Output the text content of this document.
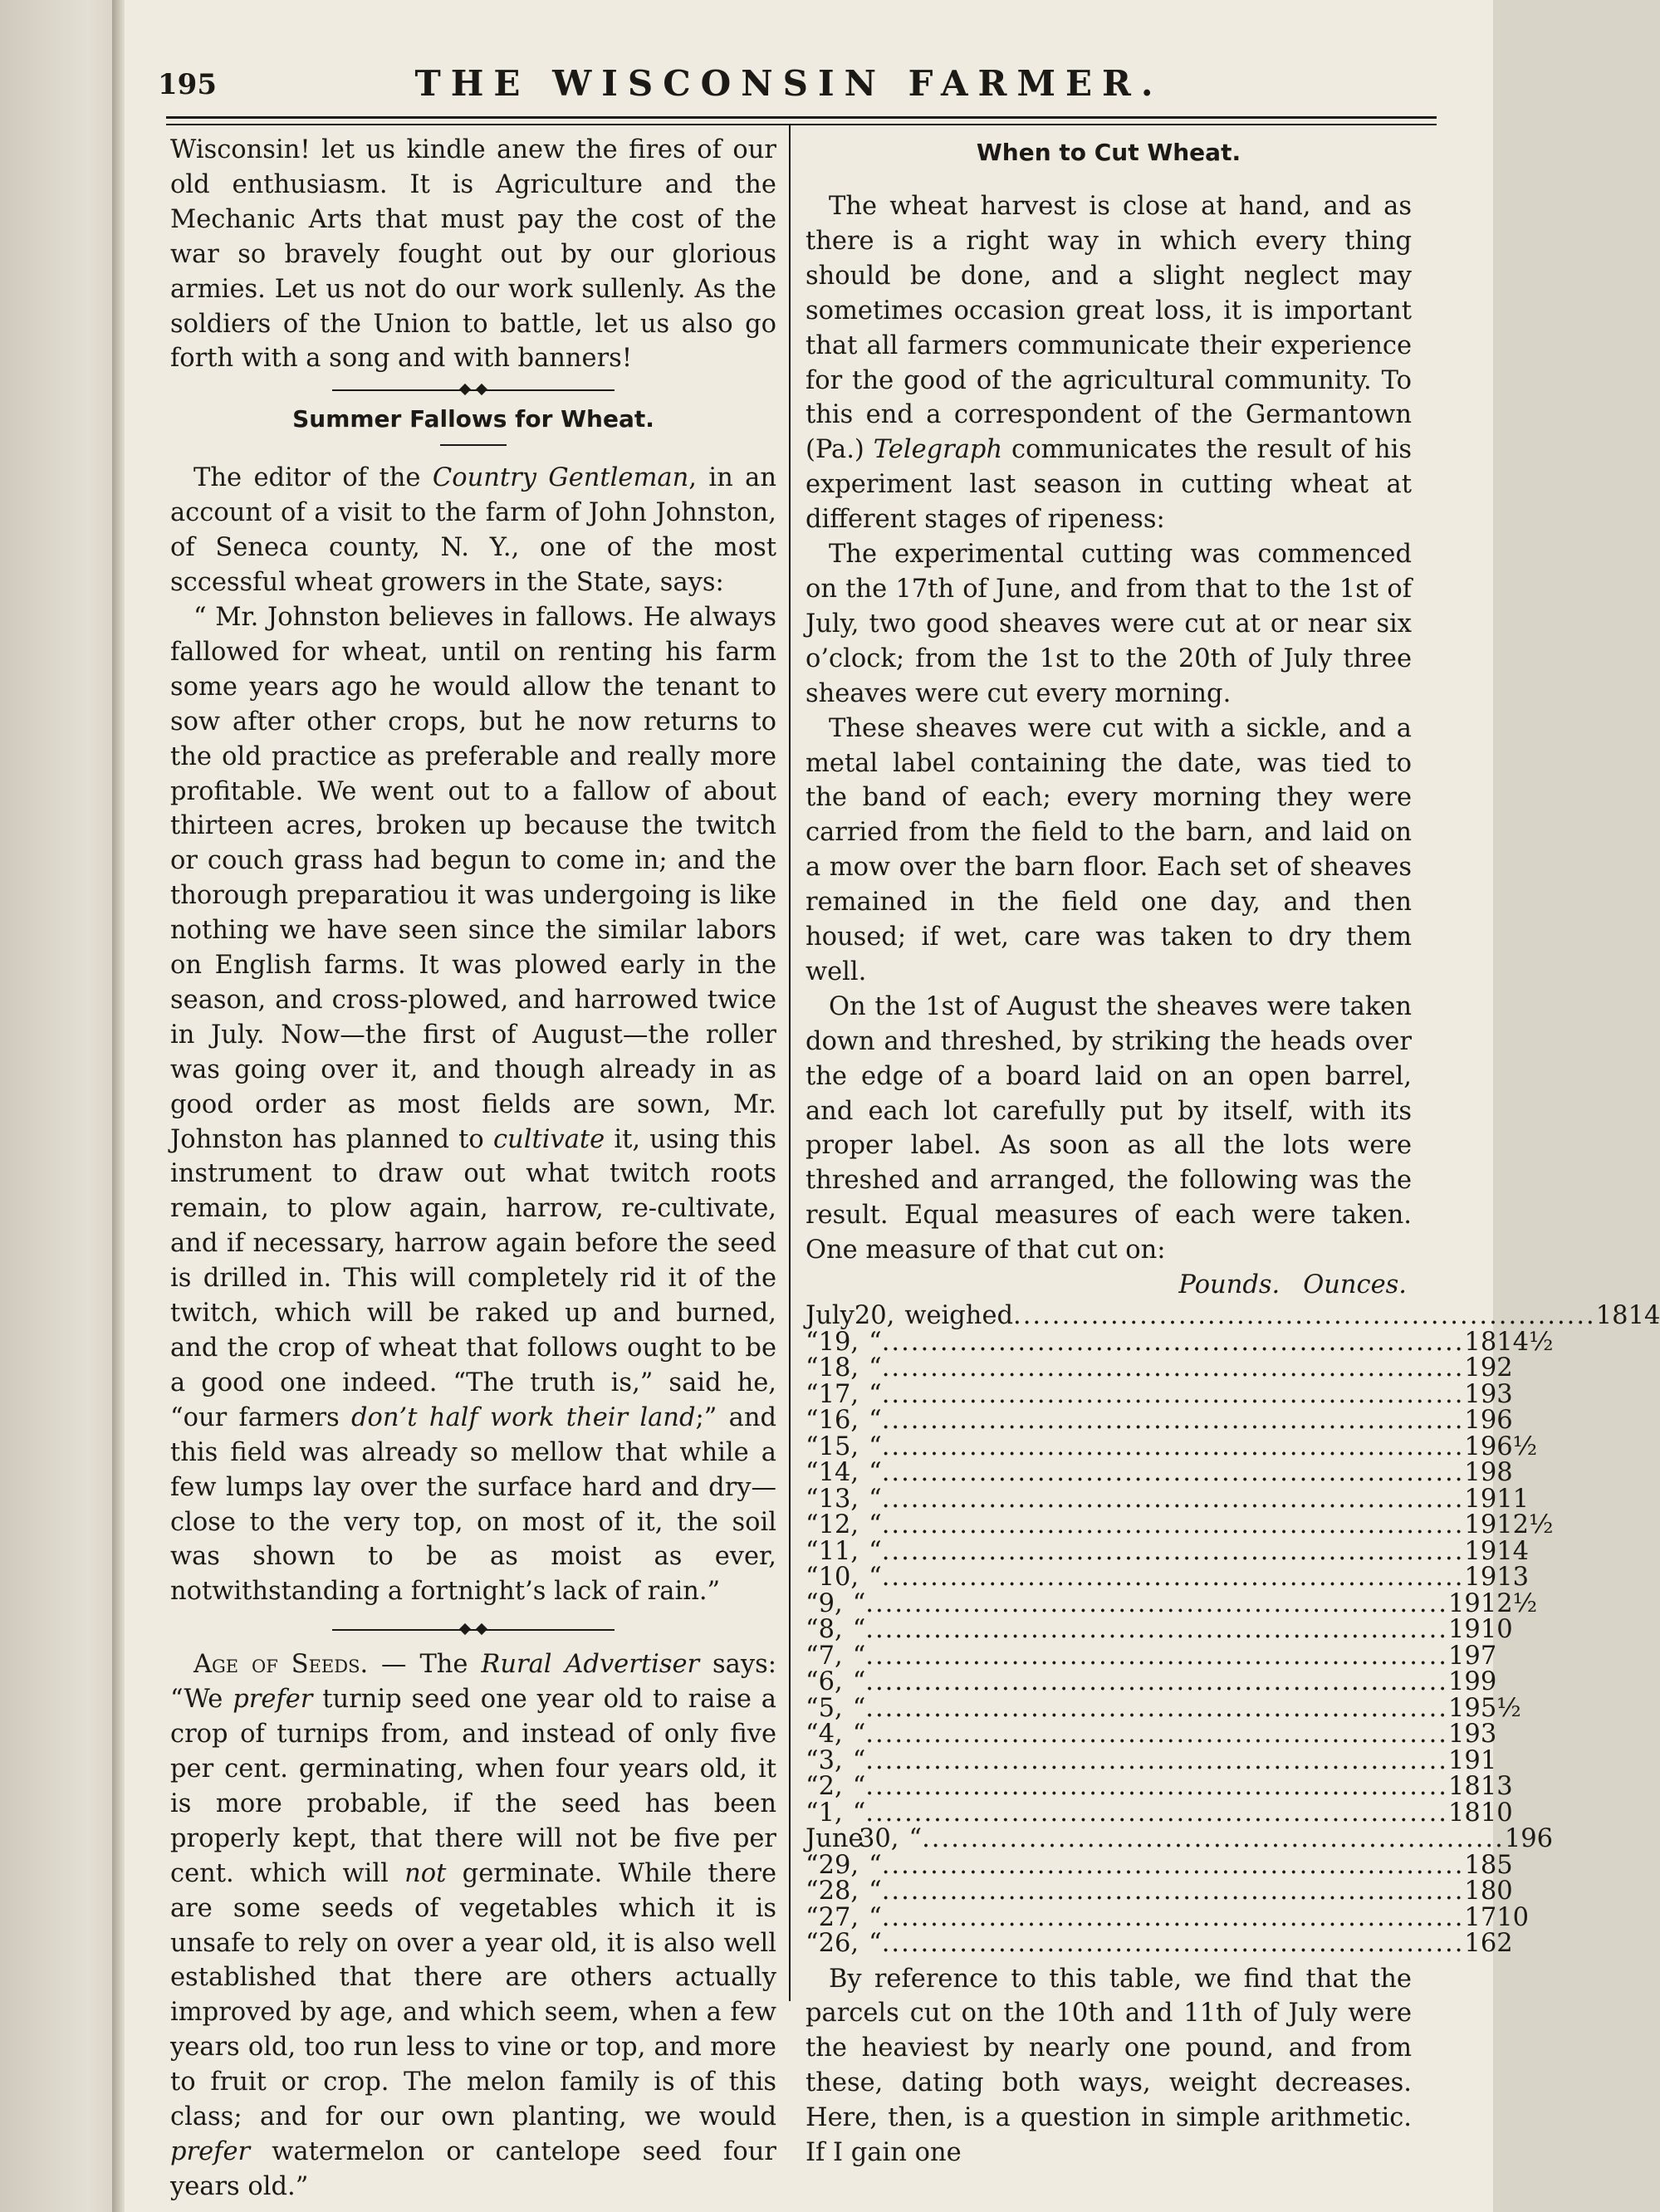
195	THE WISCONSIN FARMER.

Wisconsin! let us kindle anew the fires of our old enthusiasm. It is Agriculture and the Mechanic Arts that must pay the cost of the war so bravely fought out by our glorious armies. Let us not do our work sullenly. As the soldiers of the Union to battle, let us also go forth with a song and with banners!

Summer Fallows for Wheat.

The editor of the Country Gentleman, in an account of a visit to the farm of John Johnston, of Seneca county, N. Y., one of the most sccessful wheat growers in the State, says:

“ Mr. Johnston believes in fallows. He always fallowed for wheat, until on renting his farm some years ago he would allow the tenant to sow after other crops, but he now returns to the old practice as preferable and really more profitable. We went out to a fallow of about thirteen acres, broken up because the twitch or couch grass had begun to come in; and the thorough preparatiou it was undergoing is like nothing we have seen since the similar labors on English farms. It was plowed early in the season, and cross-plowed, and harrowed twice in July. Now—the first of August—the roller was going over it, and though already in as good order as most fields are sown, Mr. Johnston has planned to cultivate it, using this instrument to draw out what twitch roots remain, to plow again, harrow, re-cultivate, and if necessary, harrow again before the seed is drilled in. This will completely rid it of the twitch, which will be raked up and burned, and the crop of wheat that follows ought to be a good one indeed. “The truth is,” said he, “our farmers don’t half work their land;” and this field was already so mellow that while a few lumps lay over the surface hard and dry—close to the very top, on most of it, the soil was shown to be as moist as ever, notwithstanding a fortnight’s lack of rain.”

Age of Seeds. — The Rural Advertiser says: “We prefer turnip seed one year old to raise a crop of turnips from, and instead of only five per cent. germinating, when four years old, it is more probable, if the seed has been properly kept, that there will not be five per cent. which will not germinate. While there are some seeds of vegetables which it is unsafe to rely on over a year old, it is also well established that there are others actually improved by age, and which seem, when a few years old, too run less to vine or top, and more to fruit or crop. The melon family is of this class; and for our own planting, we would prefer watermelon or cantelope seed four years old.”

When to Cut Wheat.

The wheat harvest is close at hand, and as there is a right way in which every thing should be done, and a slight neglect may sometimes occasion great loss, it is important that all farmers communicate their experience for the good of the agricultural community. To this end a correspondent of the Germantown (Pa.) Telegraph communicates the result of his experiment last season in cutting wheat at different stages of ripeness:

The experimental cutting was commenced on the 17th of June, and from that to the 1st of July, two good sheaves were cut at or near six o’clock; from the 1st to the 20th of July three sheaves were cut every morning.

These sheaves were cut with a sickle, and a metal label containing the date, was tied to the band of each; every morning they were carried from the field to the barn, and laid on a mow over the barn floor. Each set of sheaves remained in the field one day, and then housed; if wet, care was taken to dry them well.

On the 1st of August the sheaves were taken down and threshed, by striking the heads over the edge of a board laid on an open barrel, and each lot carefully put by itself, with its proper label. As soon as all the lots were threshed and arranged, the following was the result. Equal measures of each were taken. One measure of that cut on:

Pounds. Ounces.
July 20, weighed ............................................................ 18 14
“ 19, “ ............................................................ 18 14½
“ 18, “ ............................................................ 19 2
“ 17, “ ............................................................ 19 3
“ 16, “ ............................................................ 19 6
“ 15, “ ............................................................ 19 6½
“ 14, “ ............................................................ 19 8
“ 13, “ ............................................................ 19 11
“ 12, “ ............................................................ 19 12½
“ 11, “ ............................................................ 19 14
“ 10, “ ............................................................ 19 13
“ 9, “ ............................................................ 19 12½
“ 8, “ ............................................................ 19 10
“ 7, “ ............................................................ 19 7
“ 6, “ ............................................................ 19 9
“ 5, “ ............................................................ 19 5½
“ 4, “ ............................................................ 19 3
“ 3, “ ............................................................ 19 1
“ 2, “ ............................................................ 18 13
“ 1, “ ............................................................ 18 10
June
30, “ ............................................................ 19 6
“ 29, “ ............................................................ 18 5
“ 28, “ ............................................................ 18 0
“ 27, “ ............................................................ 17 10
“ 26, “ ............................................................ 16 2

By reference to this table, we find that the parcels cut on the 10th and 11th of July were the heaviest by nearly one pound, and from these, dating both ways, weight decreases. Here, then, is a question in simple arithmetic. If I gain one
